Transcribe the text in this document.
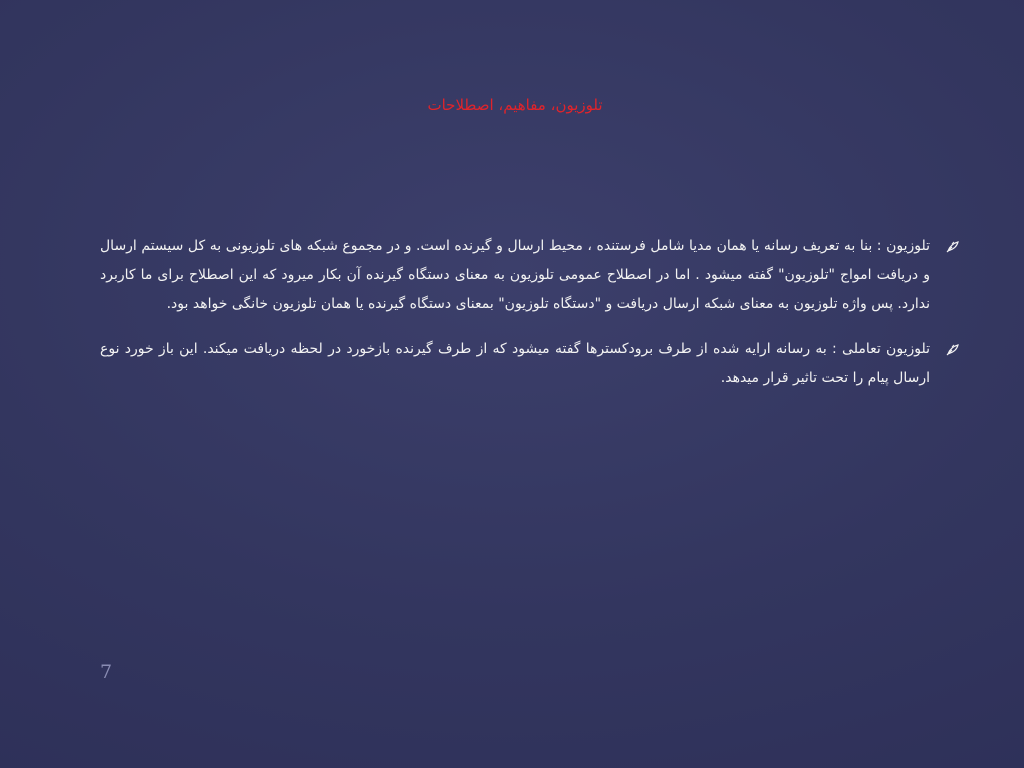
تلوزیون، مفاهیم، اصطلاحات
تلوزیون : بنا به تعریف رسانه یا همان مدیا شامل فرستنده ، محیط ارسال و گیرنده است. و در مجموع شبکه های تلوزیونی به کل سیستم ارسال و دریافت امواج "تلوزیون" گفته میشود . اما در اصطلاح عمومی تلوزیون به معنای دستگاه گیرنده آن بکار میرود که این اصطلاح برای ما کاربرد ندارد. پس واژه تلوزیون به معنای شبکه ارسال دریافت و "دستگاه تلوزیون" بمعنای دستگاه گیرنده یا همان تلوزیون خانگی خواهد بود.
تلوزیون تعاملی : به رسانه ارایه شده از طرف برودکسترها گفته میشود که از طرف گیرنده بازخورد در لحظه دریافت میکند. این باز خورد نوع ارسال پیام را تحت تاثیر قرار میدهد.
7
